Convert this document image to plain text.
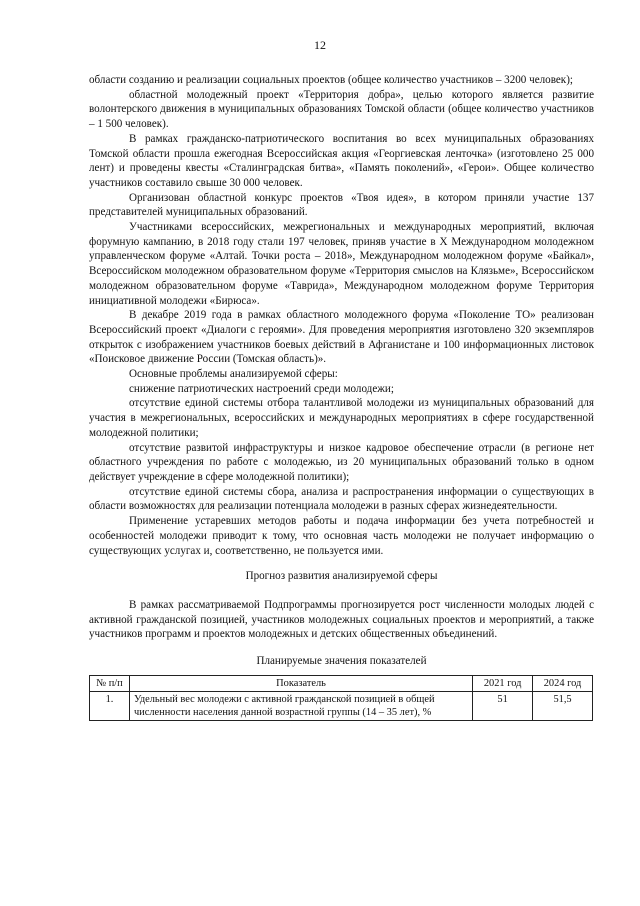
12

области созданию и реализации социальных проектов (общее количество участников – 3200 человек);

областной молодежный проект «Территория добра», целью которого является развитие волонтерского движения в муниципальных образованиях Томской области (общее количество участников – 1 500 человек).

В рамках гражданско-патриотического воспитания во всех муниципальных образованиях Томской области прошла ежегодная Всероссийская акция «Георгиевская ленточка» (изготовлено 25 000 лент) и проведены квесты «Сталинградская битва», «Память поколений», «Герои». Общее количество участников составило свыше 30 000 человек.

Организован областной конкурс проектов «Твоя идея», в котором приняли участие 137 представителей муниципальных образований.

Участниками всероссийских, межрегиональных и международных мероприятий, включая форумную кампанию, в 2018 году стали 197 человек, приняв участие в X Международном молодежном управленческом форуме «Алтай. Точки роста – 2018», Международном молодежном форуме «Байкал», Всероссийском молодежном образовательном форуме «Территория смыслов на Клязьме», Всероссийском молодежном образовательном форуме «Таврида», Международном молодежном форуме Территория инициативной молодежи «Бирюса».

В декабре 2019 года в рамках областного молодежного форума «Поколение ТО» реализован Всероссийский проект «Диалоги с героями». Для проведения мероприятия изготовлено 320 экземпляров открыток с изображением участников боевых действий в Афганистане и 100 информационных листовок «Поисковое движение России (Томская область)».

Основные проблемы анализируемой сферы:

снижение патриотических настроений среди молодежи;

отсутствие единой системы отбора талантливой молодежи из муниципальных образований для участия в межрегиональных, всероссийских и международных мероприятиях в сфере государственной молодежной политики;

отсутствие развитой инфраструктуры и низкое кадровое обеспечение отрасли (в регионе нет областного учреждения по работе с молодежью, из 20 муниципальных образований только в одном действует учреждение в сфере молодежной политики);

отсутствие единой системы сбора, анализа и распространения информации о существующих в области возможностях для реализации потенциала молодежи в разных сферах жизнедеятельности.

Применение устаревших методов работы и подача информации без учета потребностей и особенностей молодежи приводит к тому, что основная часть молодежи не получает информацию о существующих услугах и, соответственно, не пользуется ими.

Прогноз развития анализируемой сферы

В рамках рассматриваемой Подпрограммы прогнозируется рост численности молодых людей с активной гражданской позицией, участников молодежных социальных проектов и мероприятий, а также участников программ и проектов молодежных и детских общественных объединений.

Планируемые значения показателей
№ п/п	Показатель	2021 год	2024 год
1.	Удельный вес молодежи с активной гражданской позицией в общей численности населения данной возрастной группы (14 – 35 лет), %	51	51,5
